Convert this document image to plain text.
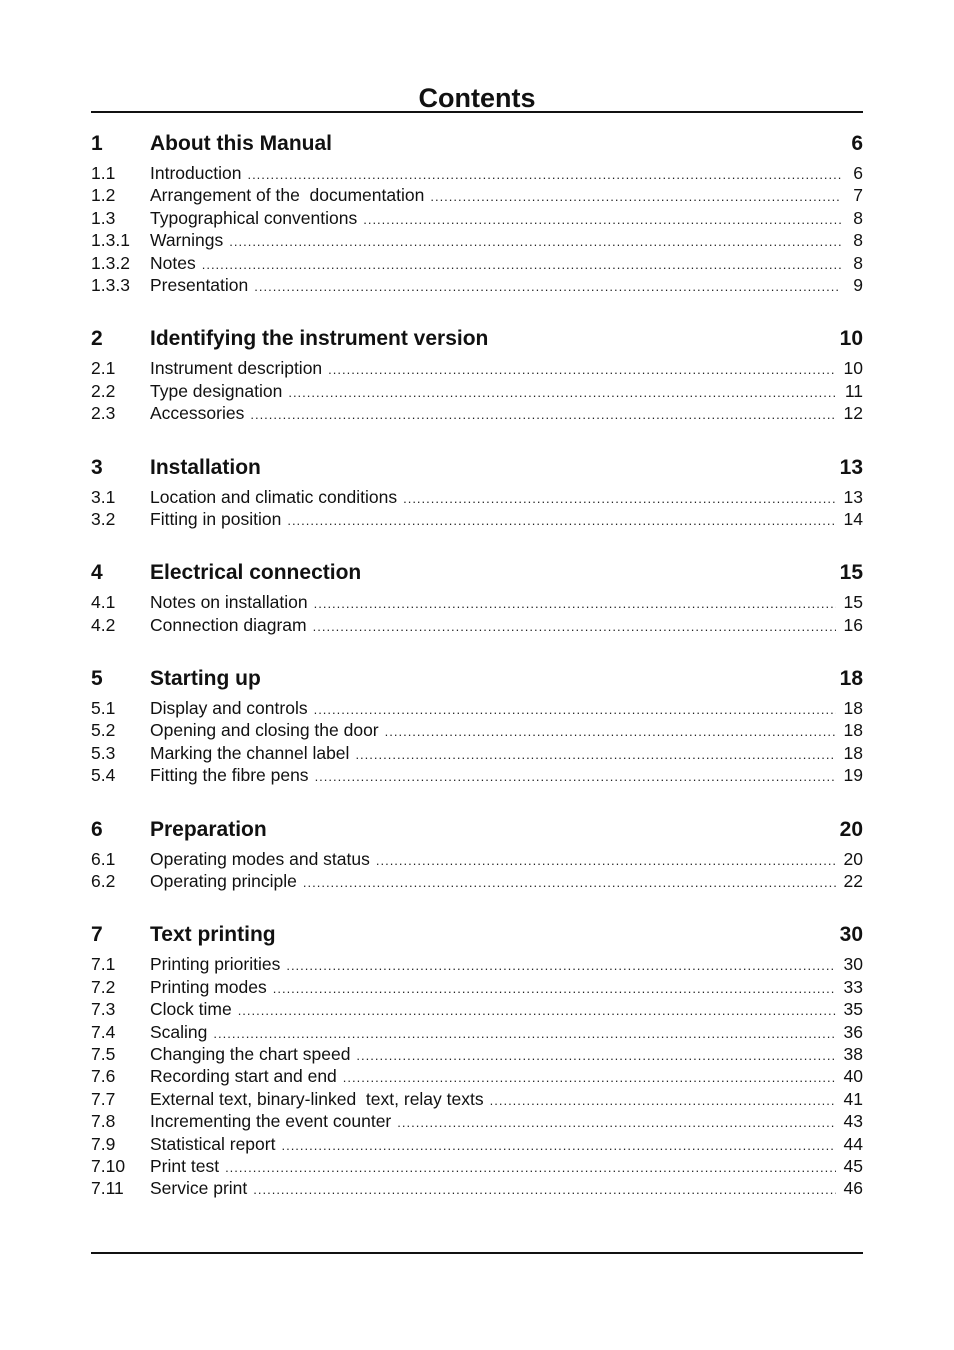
Contents
1	About this Manual	6
1.1	Introduction .....	6
1.2	Arrangement of the  documentation .....	7
1.3	Typographical conventions .....	8
1.3.1	Warnings .....	8
1.3.2	Notes .....	8
1.3.3	Presentation .....	9
2	Identifying the instrument version	10
2.1	Instrument description .....	10
2.2	Type designation .....	11
2.3	Accessories .....	12
3	Installation	13
3.1	Location and climatic conditions .....	13
3.2	Fitting in position .....	14
4	Electrical connection	15
4.1	Notes on installation .....	15
4.2	Connection diagram .....	16
5	Starting up	18
5.1	Display and controls .....	18
5.2	Opening and closing the door .....	18
5.3	Marking the channel label .....	18
5.4	Fitting the fibre pens .....	19
6	Preparation	20
6.1	Operating modes and status .....	20
6.2	Operating principle .....	22
7	Text printing	30
7.1	Printing priorities .....	30
7.2	Printing modes .....	33
7.3	Clock time .....	35
7.4	Scaling .....	36
7.5	Changing the chart speed .....	38
7.6	Recording start and end .....	40
7.7	External text, binary-linked  text, relay texts .....	41
7.8	Incrementing the event counter .....	43
7.9	Statistical report .....	44
7.10	Print test .....	45
7.11	Service print .....	46
